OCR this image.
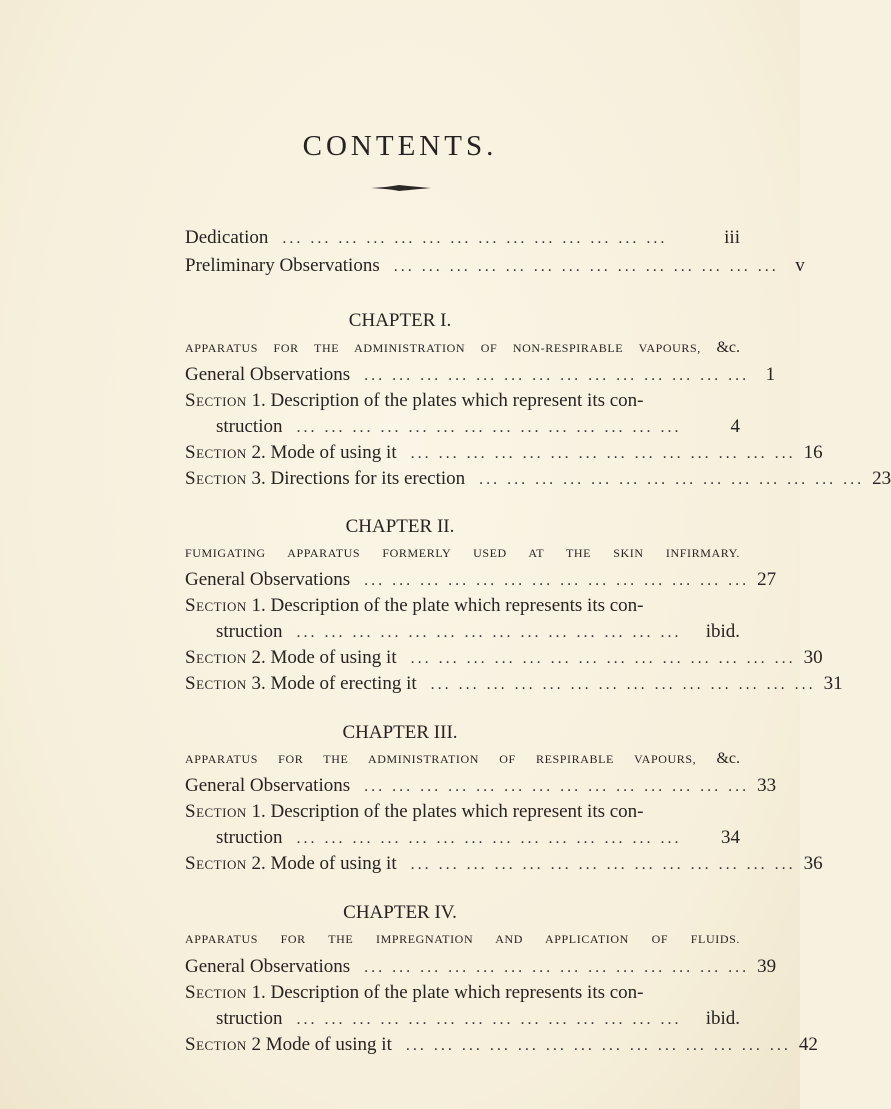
CONTENTS.
Dedication ... ... ... ... ... ... ... ... ... ... ... ... ... ...	iii
Preliminary Observations ... ... ... ... ... ... ... ... ... ... ... ... ... ... v
CHAPTER I.
APPARATUS FOR THE ADMINISTRATION OF NON-RESPIRABLE VAPOURS, &c.
General Observations ... ... ... ... ... ... ... ... ... ... ... ... ... ... 1
Section 1. Description of the plates which represent its con-
struction ... ... ... ... ... ... ... ... ... ... ... ... ... ...	4
Section 2. Mode of using it ... ... ... ... ... ... ... ... ... ... ... ... ... ... 16
Section 3. Directions for its erection ... ... ... ... ... ... ... ... ... ... ... ... ... ... 23
CHAPTER II.
FUMIGATING APPARATUS FORMERLY USED AT THE SKIN INFIRMARY.
General Observations ... ... ... ... ... ... ... ... ... ... ... ... ... ... 27
Section 1. Description of the plate which represents its con-
struction ... ... ... ... ... ... ... ... ... ... ... ... ... ...	ibid.
Section 2. Mode of using it ... ... ... ... ... ... ... ... ... ... ... ... ... ... 30
Section 3. Mode of erecting it ... ... ... ... ... ... ... ... ... ... ... ... ... ... 31
CHAPTER III.
APPARATUS FOR THE ADMINISTRATION OF RESPIRABLE VAPOURS, &c.
General Observations ... ... ... ... ... ... ... ... ... ... ... ... ... ... 33
Section 1. Description of the plates which represent its con-
struction ... ... ... ... ... ... ... ... ... ... ... ... ... ...	34
Section 2. Mode of using it ... ... ... ... ... ... ... ... ... ... ... ... ... ... 36
CHAPTER IV.
APPARATUS FOR THE IMPREGNATION AND APPLICATION OF FLUIDS.
General Observations ... ... ... ... ... ... ... ... ... ... ... ... ... ... 39
Section 1. Description of the plate which represents its con-
struction ... ... ... ... ... ... ... ... ... ... ... ... ... ...	ibid.
Section 2 Mode of using it ... ... ... ... ... ... ... ... ... ... ... ... ... ... 42
